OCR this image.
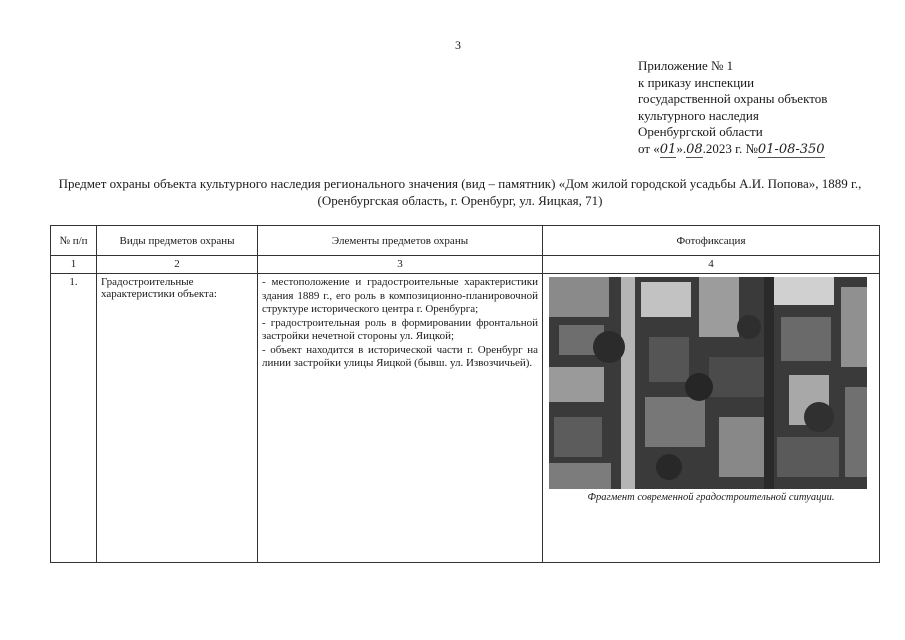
3
Приложение № 1
к приказу инспекции
государственной охраны объектов
культурного наследия
Оренбургской области
от «01».08.2023 г. №01-08-350
Предмет охраны объекта культурного наследия регионального значения (вид – памятник) «Дом жилой городской усадьбы А.И. Попова», 1889 г., (Оренбургская область, г. Оренбург, ул. Яицкая, 71)
№ п/п	Виды предметов охраны	Элементы предметов охраны	Фотофиксация
1	2	3	4
1.	Градостроительные характеристики объекта:	- местоположение и градостроительные характеристики здания 1889 г., его роль в композиционно-планировочной структуре исторического центра г. Оренбурга;
- градостроительная роль в формировании фронтальной застройки нечетной стороны ул. Яицкой;
- объект находится в исторической части г. Оренбург на линии застройки улицы Яицкой (бывш. ул. Извозчичьей).	Фрагмент современной градостроительной ситуации.
